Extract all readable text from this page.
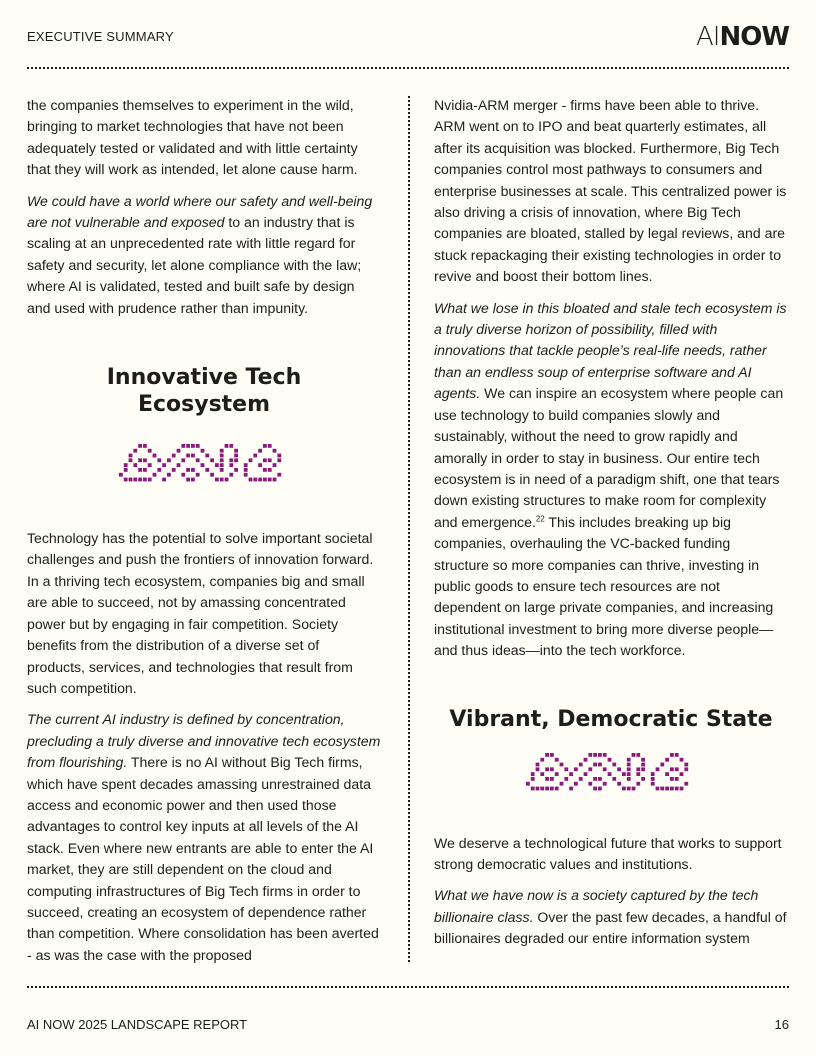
EXECUTIVE SUMMARY	AINOW

the companies themselves to experiment in the wild, bringing to market technologies that have not been adequately tested or validated and with little certainty that they will work as intended, let alone cause harm.

We could have a world where our safety and well-being are not vulnerable and exposed to an industry that is scaling at an unprecedented rate with little regard for safety and security, let alone compliance with the law; where AI is validated, tested and built safe by design and used with prudence rather than impunity.

Innovative Tech
Ecosystem

Technology has the potential to solve important societal challenges and push the frontiers of innovation forward. In a thriving tech ecosystem, companies big and small are able to succeed, not by amassing concentrated power but by engaging in fair competition. Society benefits from the distribution of a diverse set of products, services, and technologies that result from such competition.

The current AI industry is defined by concentration, precluding a truly diverse and innovative tech ecosystem from flourishing. There is no AI without Big Tech firms, which have spent decades amassing unrestrained data access and economic power and then used those advantages to control key inputs at all levels of the AI stack. Even where new entrants are able to enter the AI market, they are still dependent on the cloud and computing infrastructures of Big Tech firms in order to succeed, creating an ecosystem of dependence rather than competition. Where consolidation has been averted - as was the case with the proposed

Nvidia-ARM merger - firms have been able to thrive. ARM went on to IPO and beat quarterly estimates, all after its acquisition was blocked. Furthermore, Big Tech companies control most pathways to consumers and enterprise businesses at scale. This centralized power is also driving a crisis of innovation, where Big Tech companies are bloated, stalled by legal reviews, and are stuck repackaging their existing technologies in order to revive and boost their bottom lines.

What we lose in this bloated and stale tech ecosystem is a truly diverse horizon of possibility, filled with innovations that tackle people’s real-life needs, rather than an endless soup of enterprise software and AI agents. We can inspire an ecosystem where people can use technology to build companies slowly and sustainably, without the need to grow rapidly and amorally in order to stay in business. Our entire tech ecosystem is in need of a paradigm shift, one that tears down existing structures to make room for complexity and emergence.$^{22}$ This includes breaking up big companies, overhauling the VC-backed funding structure so more companies can thrive, investing in public goods to ensure tech resources are not dependent on large private companies, and increasing institutional investment to bring more diverse people—and thus ideas—into the tech workforce.

Vibrant, Democratic State

We deserve a technological future that works to support strong democratic values and institutions.

What we have now is a society captured by the tech billionaire class. Over the past few decades, a handful of billionaires degraded our entire information system

AI NOW 2025 LANDSCAPE REPORT	16
